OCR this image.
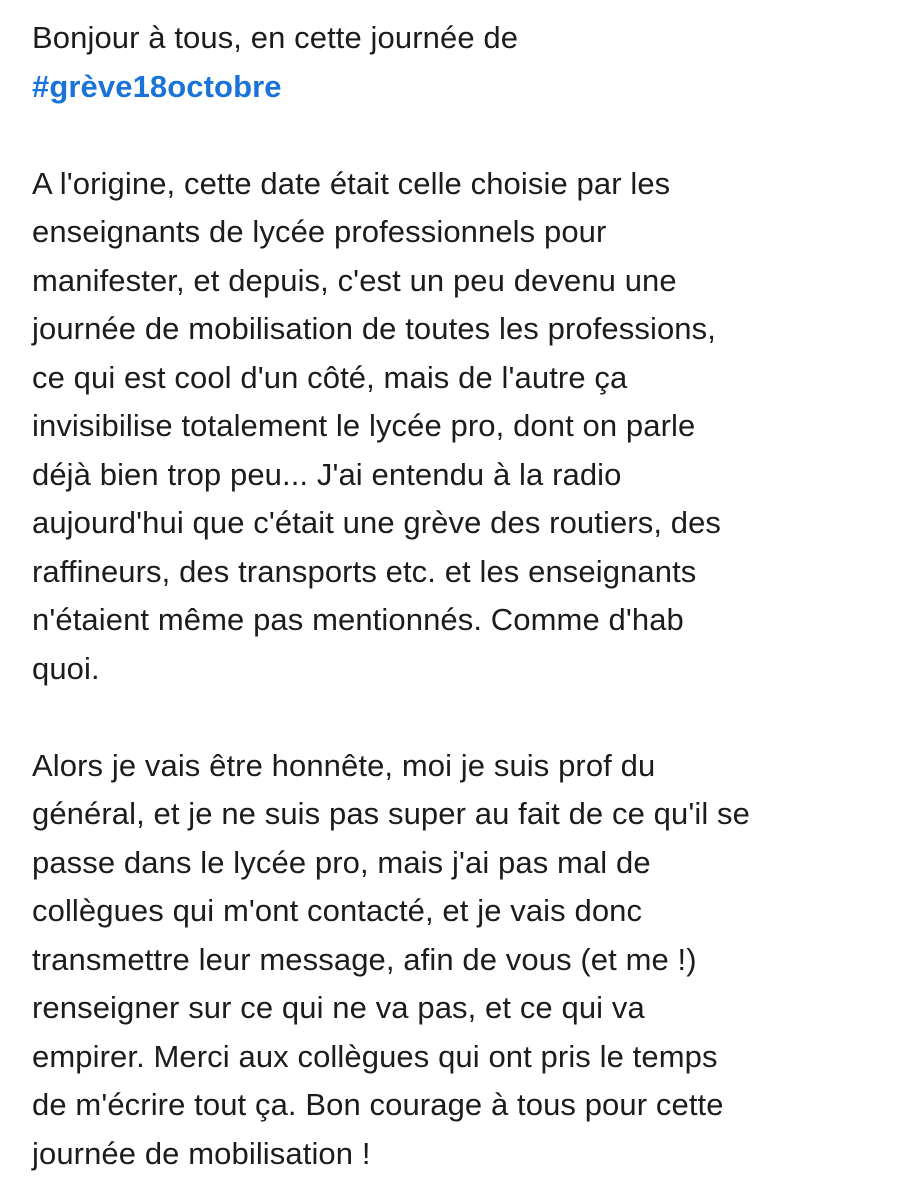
Bonjour à tous, en cette journée de
#grève18octobre
A l'origine, cette date était celle choisie par les
enseignants de lycée professionnels pour
manifester, et depuis, c'est un peu devenu une
journée de mobilisation de toutes les professions,
ce qui est cool d'un côté, mais de l'autre ça
invisibilise totalement le lycée pro, dont on parle
déjà bien trop peu... J'ai entendu à la radio
aujourd'hui que c'était une grève des routiers, des
raffineurs, des transports etc. et les enseignants
n'étaient même pas mentionnés. Comme d'hab
quoi.
Alors je vais être honnête, moi je suis prof du
général, et je ne suis pas super au fait de ce qu'il se
passe dans le lycée pro, mais j'ai pas mal de
collègues qui m'ont contacté, et je vais donc
transmettre leur message, afin de vous (et me !)
renseigner sur ce qui ne va pas, et ce qui va
empirer. Merci aux collègues qui ont pris le temps
de m'écrire tout ça. Bon courage à tous pour cette
journée de mobilisation !
